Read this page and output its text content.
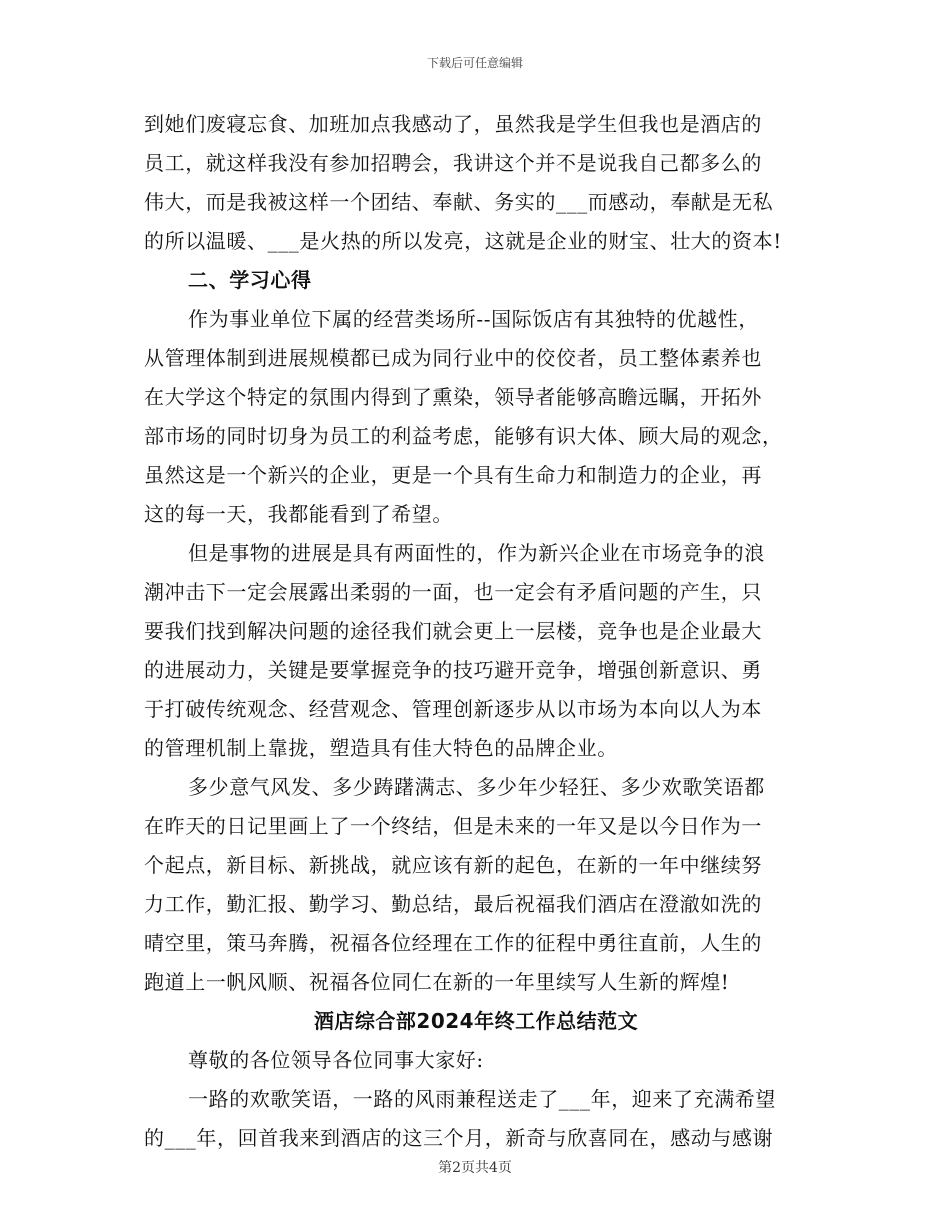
下载后可任意编辑
到她们废寝忘食、加班加点我感动了，虽然我是学生但我也是酒店的
员工，就这样我没有参加招聘会，我讲这个并不是说我自己都多么的
伟大，而是我被这样一个团结、奉献、务实的___而感动，奉献是无私
的所以温暖、___是火热的所以发亮，这就是企业的财宝、壮大的资本!
二、学习心得
作为事业单位下属的经营类场所--国际饭店有其独特的优越性，
从管理体制到进展规模都已成为同行业中的佼佼者，员工整体素养也
在大学这个特定的氛围内得到了熏染，领导者能够高瞻远瞩，开拓外
部市场的同时切身为员工的利益考虑，能够有识大体、顾大局的观念，
虽然这是一个新兴的企业，更是一个具有生命力和制造力的企业，再
这的每一天，我都能看到了希望。
但是事物的进展是具有两面性的，作为新兴企业在市场竞争的浪
潮冲击下一定会展露出柔弱的一面，也一定会有矛盾问题的产生，只
要我们找到解决问题的途径我们就会更上一层楼，竞争也是企业最大
的进展动力，关键是要掌握竞争的技巧避开竞争，增强创新意识、勇
于打破传统观念、经营观念、管理创新逐步从以市场为本向以人为本
的管理机制上靠拢，塑造具有佳大特色的品牌企业。
多少意气风发、多少踌躇满志、多少年少轻狂、多少欢歌笑语都
在昨天的日记里画上了一个终结，但是未来的一年又是以今日作为一
个起点，新目标、新挑战，就应该有新的起色，在新的一年中继续努
力工作，勤汇报、勤学习、勤总结，最后祝福我们酒店在澄澈如洗的
晴空里，策马奔腾，祝福各位经理在工作的征程中勇往直前，人生的
跑道上一帆风顺、祝福各位同仁在新的一年里续写人生新的辉煌!
酒店综合部2024年终工作总结范文
尊敬的各位领导各位同事大家好:
一路的欢歌笑语，一路的风雨兼程送走了___年，迎来了充满希望
的___年，回首我来到酒店的这三个月，新奇与欣喜同在，感动与感谢
第2页共4页
